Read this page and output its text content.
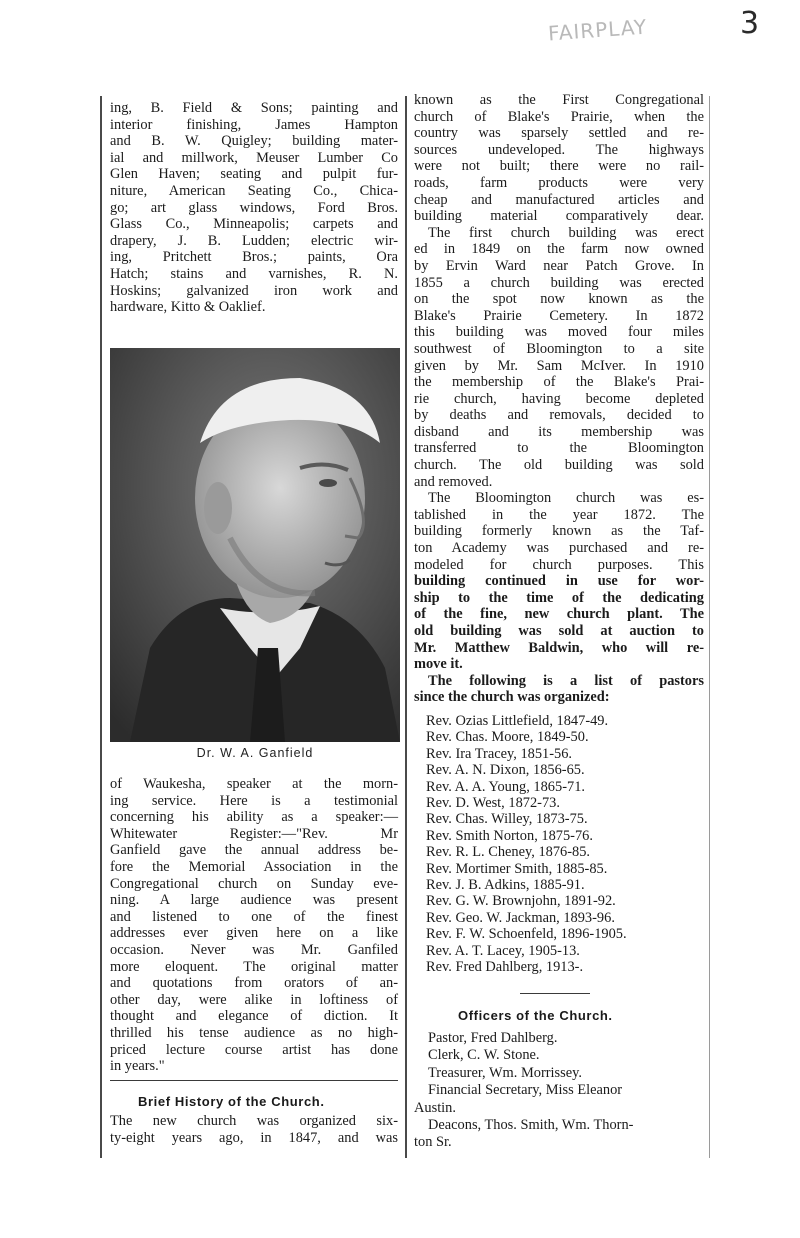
FAIRPLAY	3
ing, B. Field & Sons; painting and
interior finishing, James Hampton
and B. W. Quigley; building mater-
ial and millwork, Meuser Lumber Co
Glen Haven; seating and pulpit fur-
niture, American Seating Co., Chica-
go; art glass windows, Ford Bros.
Glass Co., Minneapolis; carpets and
drapery, J. B. Ludden; electric wir-
ing, Pritchett Bros.; paints, Ora
Hatch; stains and varnishes, R. N.
Hoskins; galvanized iron work and
hardware, Kitto & Oaklief.
Dr. W. A. Ganfield
of Waukesha, speaker at the morn-
ing service. Here is a testimonial
concerning his ability as a speaker:—
Whitewater Register:—"Rev. Mr
Ganfield gave the annual address be-
fore the Memorial Association in the
Congregational church on Sunday eve-
ning. A large audience was present
and listened to one of the finest
addresses ever given here on a like
occasion. Never was Mr. Ganfiled
more eloquent. The original matter
and quotations from orators of an-
other day, were alike in loftiness of
thought and elegance of diction. It
thrilled his tense audience as no high-
priced lecture course artist has done
in years."
Brief History of the Church.
The new church was organized six-
ty-eight years ago, in 1847, and was
known as the First Congregational
church of Blake's Prairie, when the
country was sparsely settled and re-
sources undeveloped. The highways
were not built; there were no rail-
roads, farm products were very
cheap and manufactured articles and
building material comparatively dear.
The first church building was erect
ed in 1849 on the farm now owned
by Ervin Ward near Patch Grove. In
1855 a church building was erected
on the spot now known as the
Blake's Prairie Cemetery. In 1872
this building was moved four miles
southwest of Bloomington to a site
given by Mr. Sam McIver. In 1910
the membership of the Blake's Prai-
rie church, having become depleted
by deaths and removals, decided to
disband and its membership was
transferred to the Bloomington
church. The old building was sold
and removed.
The Bloomington church was es-
tablished in the year 1872. The
building formerly known as the Taf-
ton Academy was purchased and re-
modeled for church purposes. This
building continued in use for wor-
ship to the time of the dedicating
of the fine, new church plant. The
old building was sold at auction to
Mr. Matthew Baldwin, who will re-
move it.
The following is a list of pastors
since the church was organized:
Rev. Ozias Littlefield, 1847-49.
Rev. Chas. Moore, 1849-50.
Rev. Ira Tracey, 1851-56.
Rev. A. N. Dixon, 1856-65.
Rev. A. A. Young, 1865-71.
Rev. D. West, 1872-73.
Rev. Chas. Willey, 1873-75.
Rev. Smith Norton, 1875-76.
Rev. R. L. Cheney, 1876-85.
Rev. Mortimer Smith, 1885-85.
Rev. J. B. Adkins, 1885-91.
Rev. G. W. Brownjohn, 1891-92.
Rev. Geo. W. Jackman, 1893-96.
Rev. F. W. Schoenfeld, 1896-1905.
Rev. A. T. Lacey, 1905-13.
Rev. Fred Dahlberg, 1913-.
Officers of the Church.
Pastor, Fred Dahlberg.
Clerk, C. W. Stone.
Treasurer, Wm. Morrissey.
Financial Secretary, Miss Eleanor
Austin.
Deacons, Thos. Smith, Wm. Thorn-
ton Sr.
